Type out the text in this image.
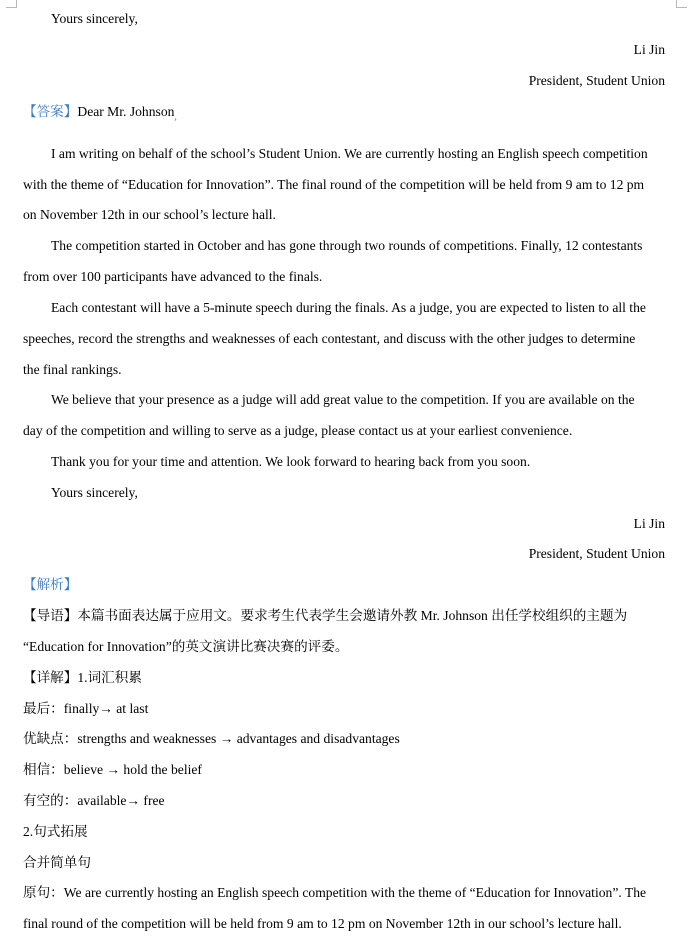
Yours sincerely,
Li Jin
President, Student Union
【答案】Dear Mr. Johnson$_,$
I am writing on behalf of the school’s Student Union. We are currently hosting an English speech competition
with the theme of “Education for Innovation”. The final round of the competition will be held from 9 am to 12 pm
on November 12th in our school’s lecture hall.
The competition started in October and has gone through two rounds of competitions. Finally, 12 contestants
from over 100 participants have advanced to the finals.
Each contestant will have a 5-minute speech during the finals. As a judge, you are expected to listen to all the
speeches, record the strengths and weaknesses of each contestant, and discuss with the other judges to determine
the final rankings.
We believe that your presence as a judge will add great value to the competition. If you are available on the
day of the competition and willing to serve as a judge, please contact us at your earliest convenience.
Thank you for your time and attention. We look forward to hearing back from you soon.
Yours sincerely,
Li Jin
President, Student Union
【解析】
【导语】本篇书面表达属于应用文。要求考生代表学生会邀请外教 Mr. Johnson 出任学校组织的主题为
“Education for Innovation”的英文演讲比赛决赛的评委。
【详解】1.词汇积累
最后：finally→ at last
优缺点：strengths and weaknesses → advantages and disadvantages
相信：believe → hold the belief
有空的：available→ free
2.句式拓展
合并简单句
原句：We are currently hosting an English speech competition with the theme of “Education for Innovation”. The
final round of the competition will be held from 9 am to 12 pm on November 12th in our school’s lecture hall.
